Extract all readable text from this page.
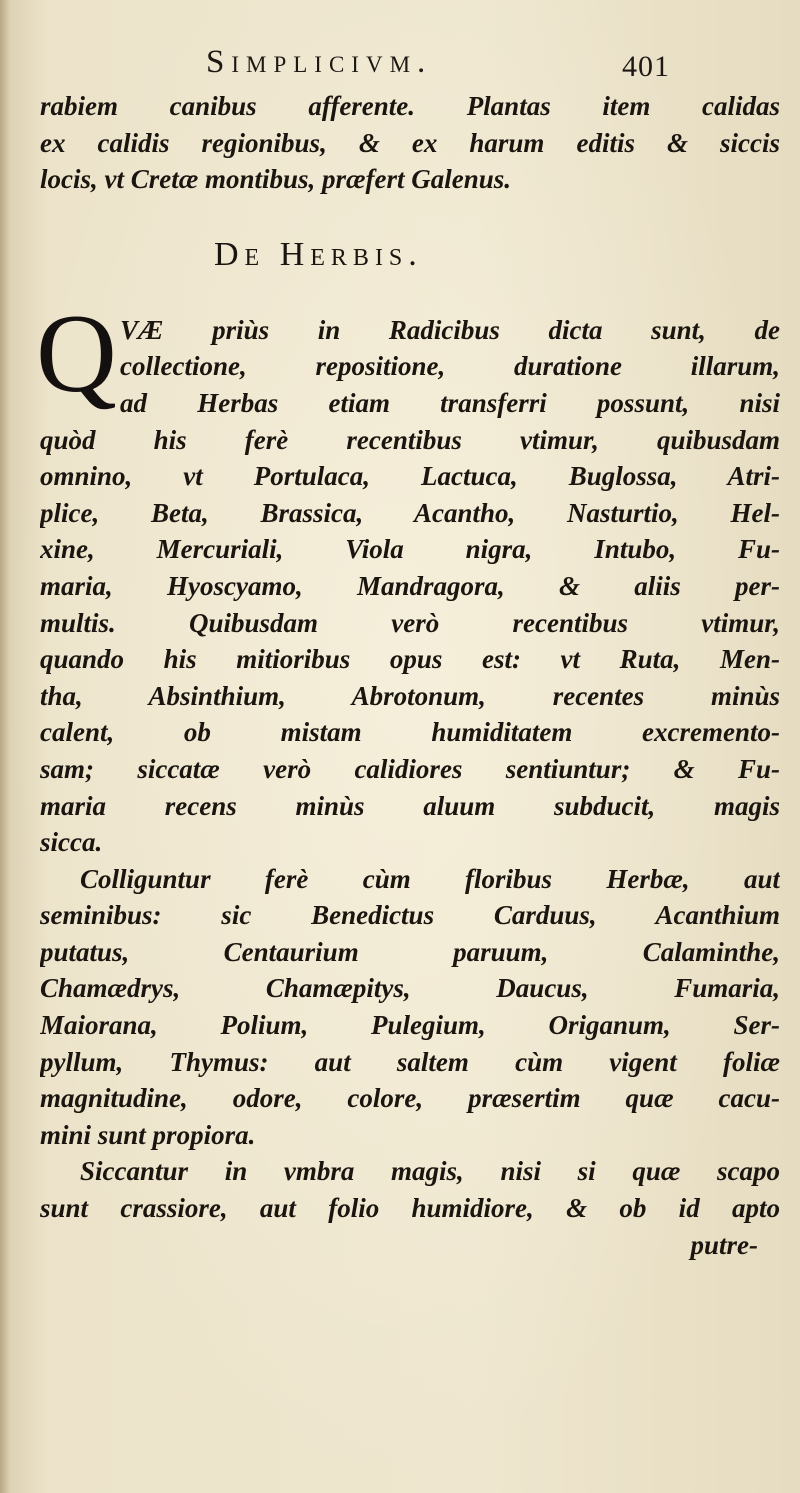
Simplicivm.	401
rabiem canibus afferente. Plantas item calidas
ex calidis regionibus, & ex harum editis & siccis
locis, vt Cretæ montibus, præfert Galenus.
De Herbis.
Q VÆ priùs in Radicibus dicta sunt, de
collectione, repositione, duratione illarum,
ad Herbas etiam transferri possunt, nisi
quòd his ferè recentibus vtimur, quibusdam
omnino, vt Portulaca, Lactuca, Buglossa, Atri-
plice, Beta, Brassica, Acantho, Nasturtio, Hel-
xine, Mercuriali, Viola nigra, Intubo, Fu-
maria, Hyoscyamo, Mandragora, & aliis per-
multis. Quibusdam verò recentibus vtimur,
quando his mitioribus opus est: vt Ruta, Men-
tha, Absinthium, Abrotonum, recentes minùs
calent, ob mistam humiditatem excremento-
sam; siccatæ verò calidiores sentiuntur; & Fu-
maria recens minùs aluum subducit, magis
sicca.
Colliguntur ferè cùm floribus Herbæ, aut
seminibus: sic Benedictus Carduus, Acanthium
putatus, Centaurium paruum, Calaminthe,
Chamædrys, Chamæpitys, Daucus, Fumaria,
Maiorana, Polium, Pulegium, Origanum, Ser-
pyllum, Thymus: aut saltem cùm vigent foliæ
magnitudine, odore, colore, præsertim quæ cacu-
mini sunt propiora.
Siccantur in vmbra magis, nisi si quæ scapo
sunt crassiore, aut folio humidiore, & ob id apto
putre-
